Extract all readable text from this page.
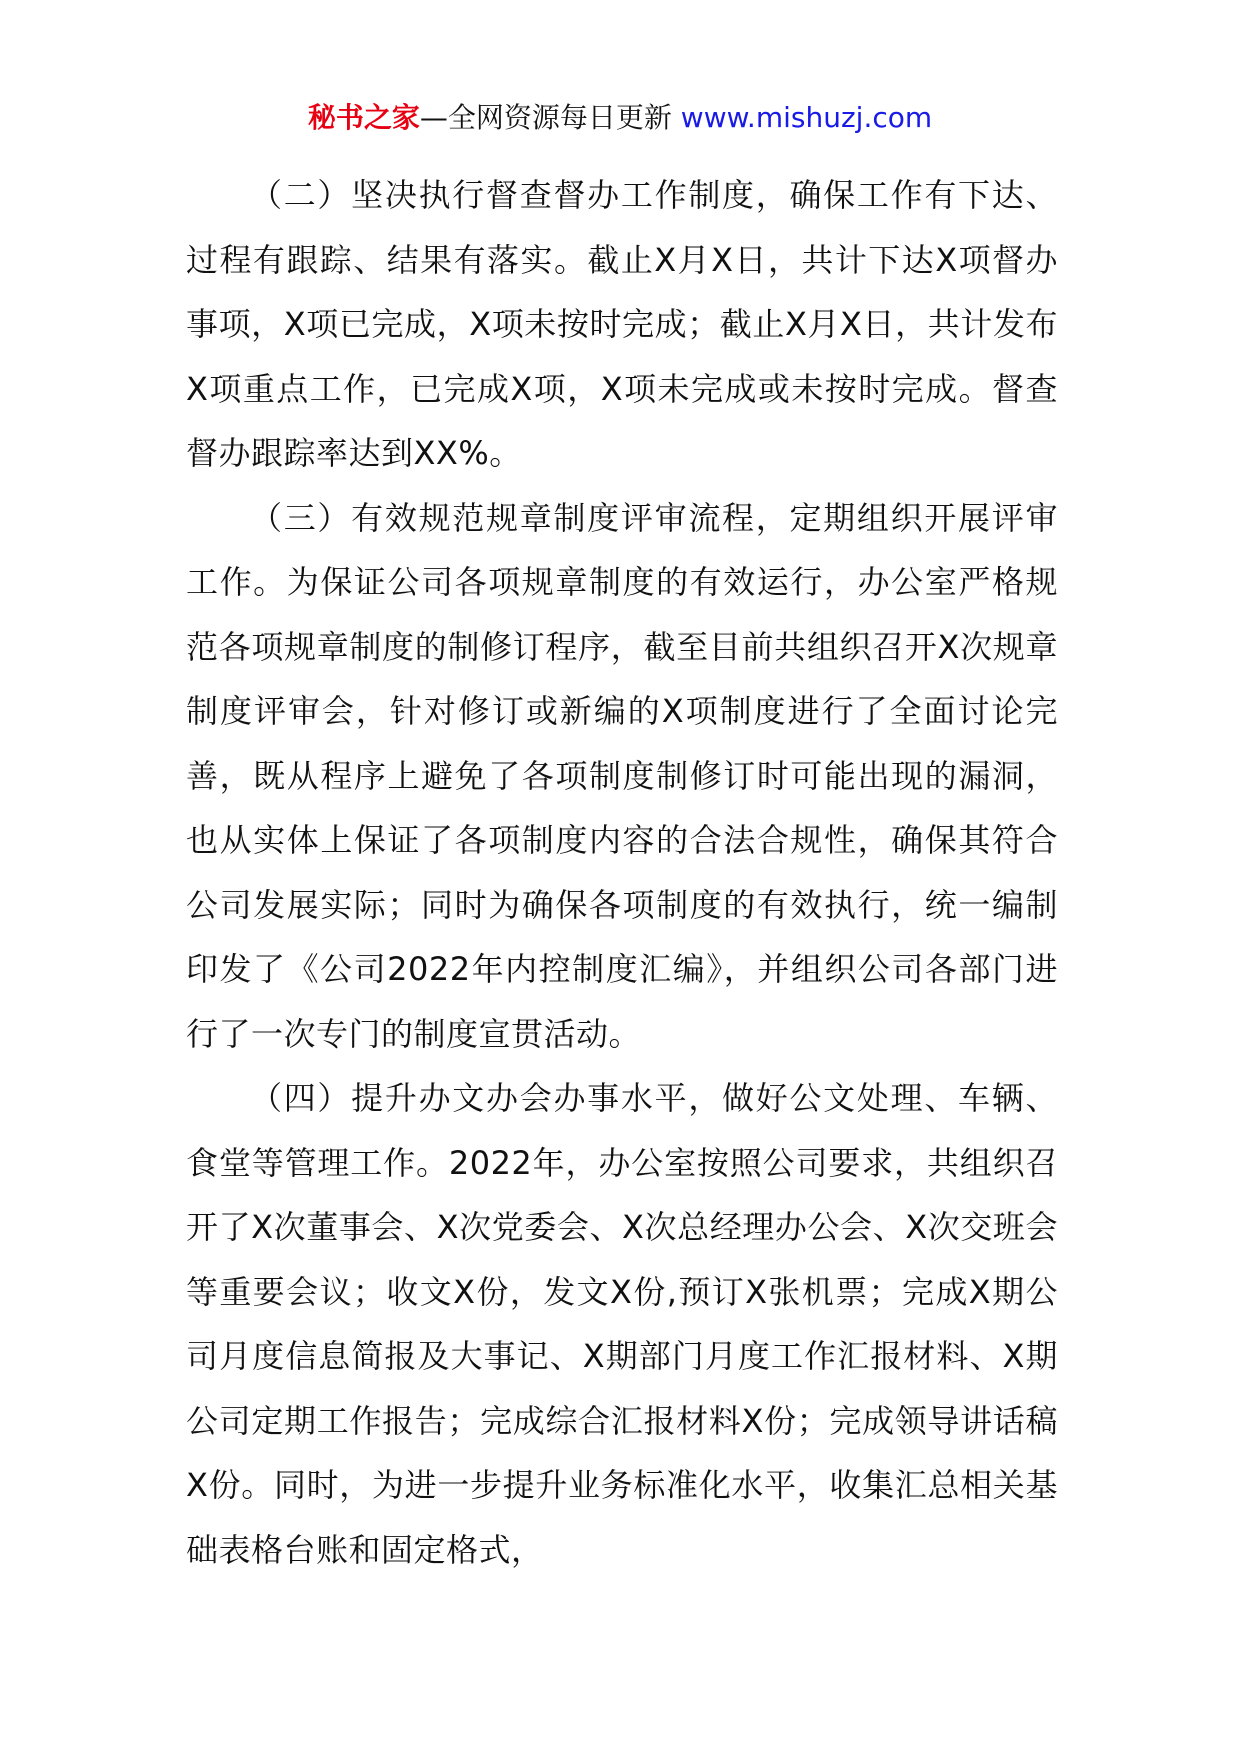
秘书之家—全网资源每日更新 www.mishuzj.com

（二）坚决执行督查督办工作制度，确保工作有下达、过程有跟踪、结果有落实。截止X月X日，共计下达X项督办事项，X项已完成，X项未按时完成；截止X月X日，共计发布X项重点工作，已完成X项，X项未完成或未按时完成。督查督办跟踪率达到XX%。

（三）有效规范规章制度评审流程，定期组织开展评审工作。为保证公司各项规章制度的有效运行，办公室严格规范各项规章制度的制修订程序，截至目前共组织召开X次规章制度评审会，针对修订或新编的X项制度进行了全面讨论完善，既从程序上避免了各项制度制修订时可能出现的漏洞，也从实体上保证了各项制度内容的合法合规性，确保其符合公司发展实际；同时为确保各项制度的有效执行，统一编制印发了《公司2022年内控制度汇编》，并组织公司各部门进行了一次专门的制度宣贯活动。

（四）提升办文办会办事水平，做好公文处理、车辆、食堂等管理工作。2022年，办公室按照公司要求，共组织召开了X次董事会、X次党委会、X次总经理办公会、X次交班会等重要会议；收文X份，发文X份,预订X张机票；完成X期公司月度信息简报及大事记、X期部门月度工作汇报材料、X期公司定期工作报告；完成综合汇报材料X份；完成领导讲话稿X份。同时，为进一步提升业务标准化水平，收集汇总相关基础表格台账和固定格式，
